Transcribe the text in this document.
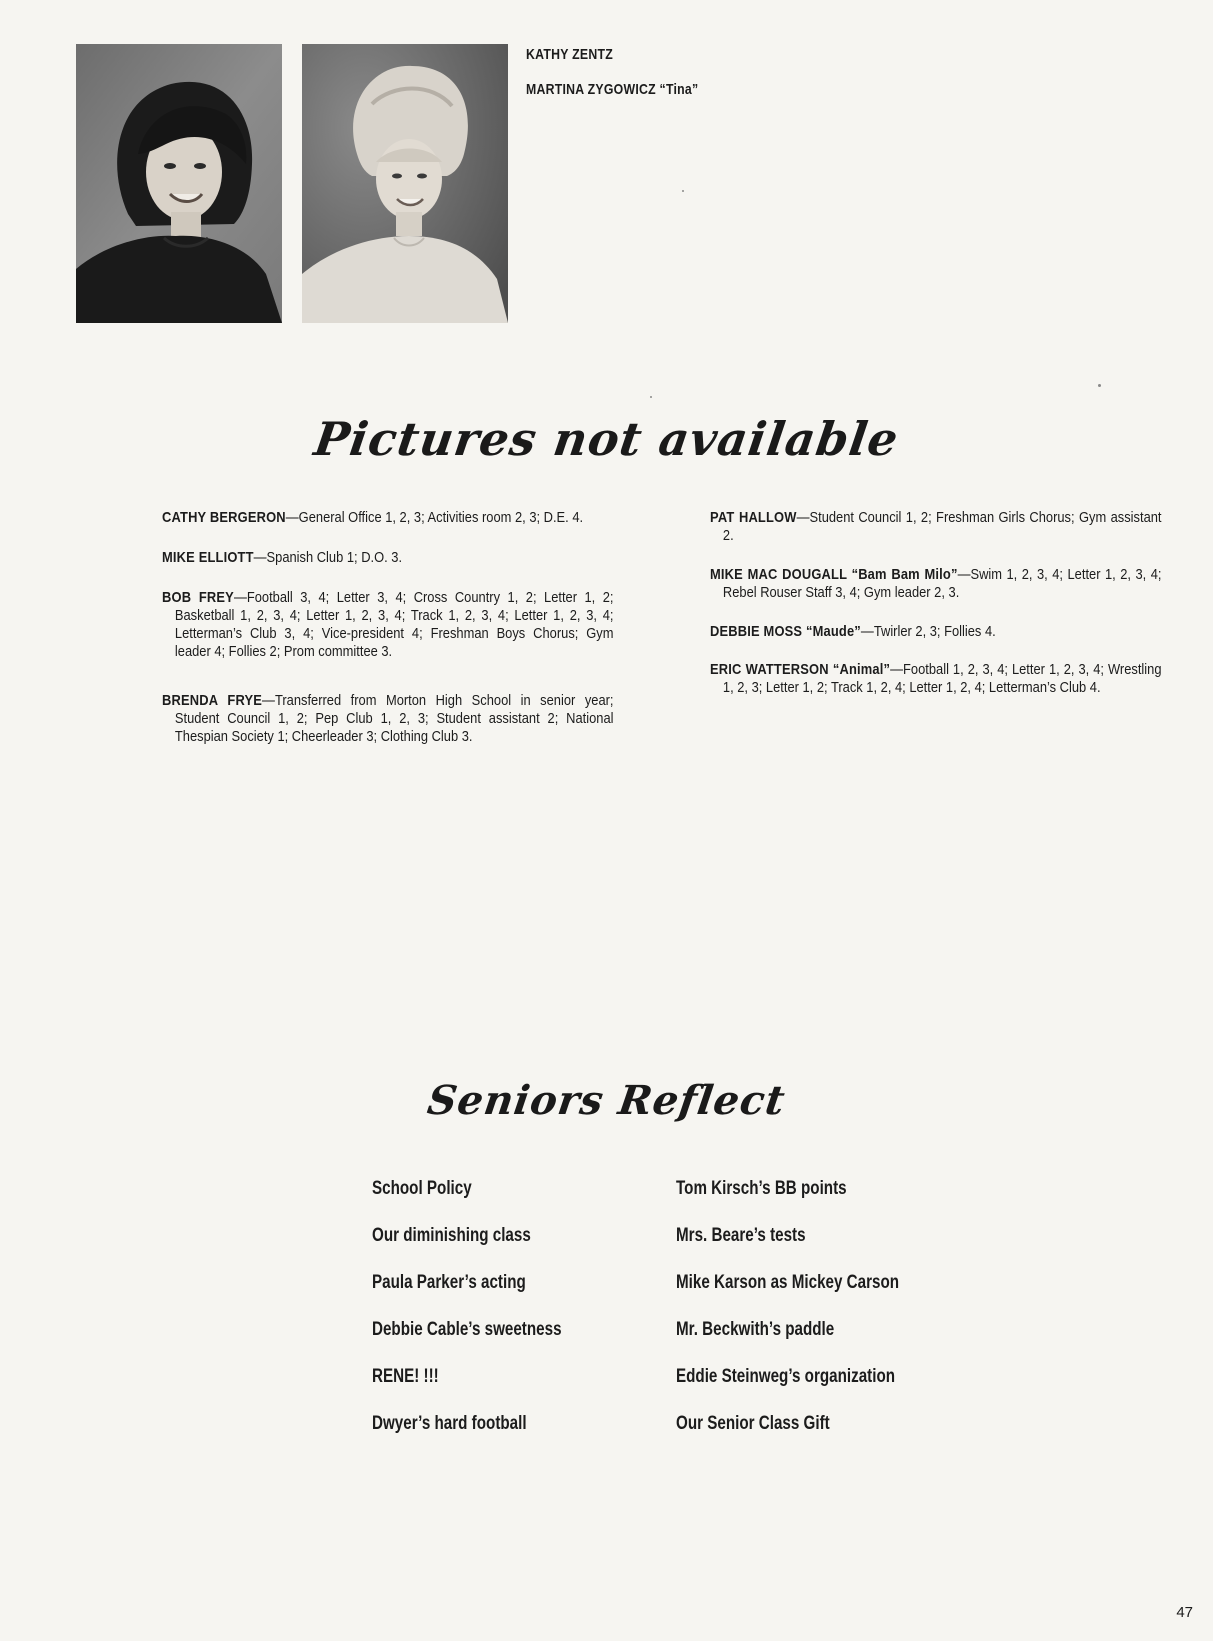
KATHY ZENTZ
MARTINA ZYGOWICZ “Tina”
Pictures not available
CATHY BERGERON—General Office 1, 2, 3; Activities room 2, 3; D.E. 4.
MIKE ELLIOTT—Spanish Club 1; D.O. 3.
BOB FREY—Football 3, 4; Letter 3, 4; Cross Country 1, 2; Letter 1, 2; Basketball 1, 2, 3, 4; Letter 1, 2, 3, 4; Track 1, 2, 3, 4; Letter 1, 2, 3, 4; Letterman’s Club 3, 4; Vice-president 4; Freshman Boys Chorus; Gym leader 4; Follies 2; Prom committee 3.
BRENDA FRYE—Transferred from Morton High School in senior year; Student Council 1, 2; Pep Club 1, 2, 3; Student assistant 2; National Thespian Society 1; Cheerleader 3; Clothing Club 3.
PAT HALLOW—Student Council 1, 2; Freshman Girls Chorus; Gym assistant 2.
MIKE MAC DOUGALL “Bam Bam Milo”—Swim 1, 2, 3, 4; Letter 1, 2, 3, 4; Rebel Rouser Staff 3, 4; Gym leader 2, 3.
DEBBIE MOSS “Maude”—Twirler 2, 3; Follies 4.
ERIC WATTERSON “Animal”—Football 1, 2, 3, 4; Letter 1, 2, 3, 4; Wrestling 1, 2, 3; Letter 1, 2; Track 1, 2, 4; Letter 1, 2, 4; Letterman’s Club 4.
Seniors Reflect
School Policy
Our diminishing class
Paula Parker’s acting
Debbie Cable’s sweetness
RENE! !!!
Dwyer’s hard football
Tom Kirsch’s BB points
Mrs. Beare’s tests
Mike Karson as Mickey Carson
Mr. Beckwith’s paddle
Eddie Steinweg’s organization
Our Senior Class Gift
47
